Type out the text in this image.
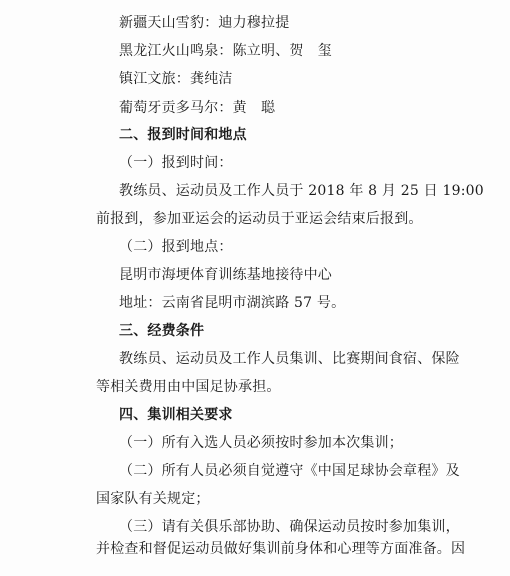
新疆天山雪豹：迪力穆拉提
黑龙江火山鸣泉：陈立明、贺　玺
镇江文旅：龚纯洁
葡萄牙贡多马尔：黄　聪
二、报到时间和地点
（一）报到时间：
教练员、运动员及工作人员于 2018 年 8 月 25 日 19:00
前报到，参加亚运会的运动员于亚运会结束后报到。
（二）报到地点：
昆明市海埂体育训练基地接待中心
地址：云南省昆明市湖滨路 57 号。
三、经费条件
教练员、运动员及工作人员集训、比赛期间食宿、保险
等相关费用由中国足协承担。
四、集训相关要求
（一）所有入选人员必须按时参加本次集训；
（二）所有人员必须自觉遵守《中国足球协会章程》及
国家队有关规定；
（三）请有关俱乐部协助、确保运动员按时参加集训，
并检查和督促运动员做好集训前身体和心理等方面准备。因
